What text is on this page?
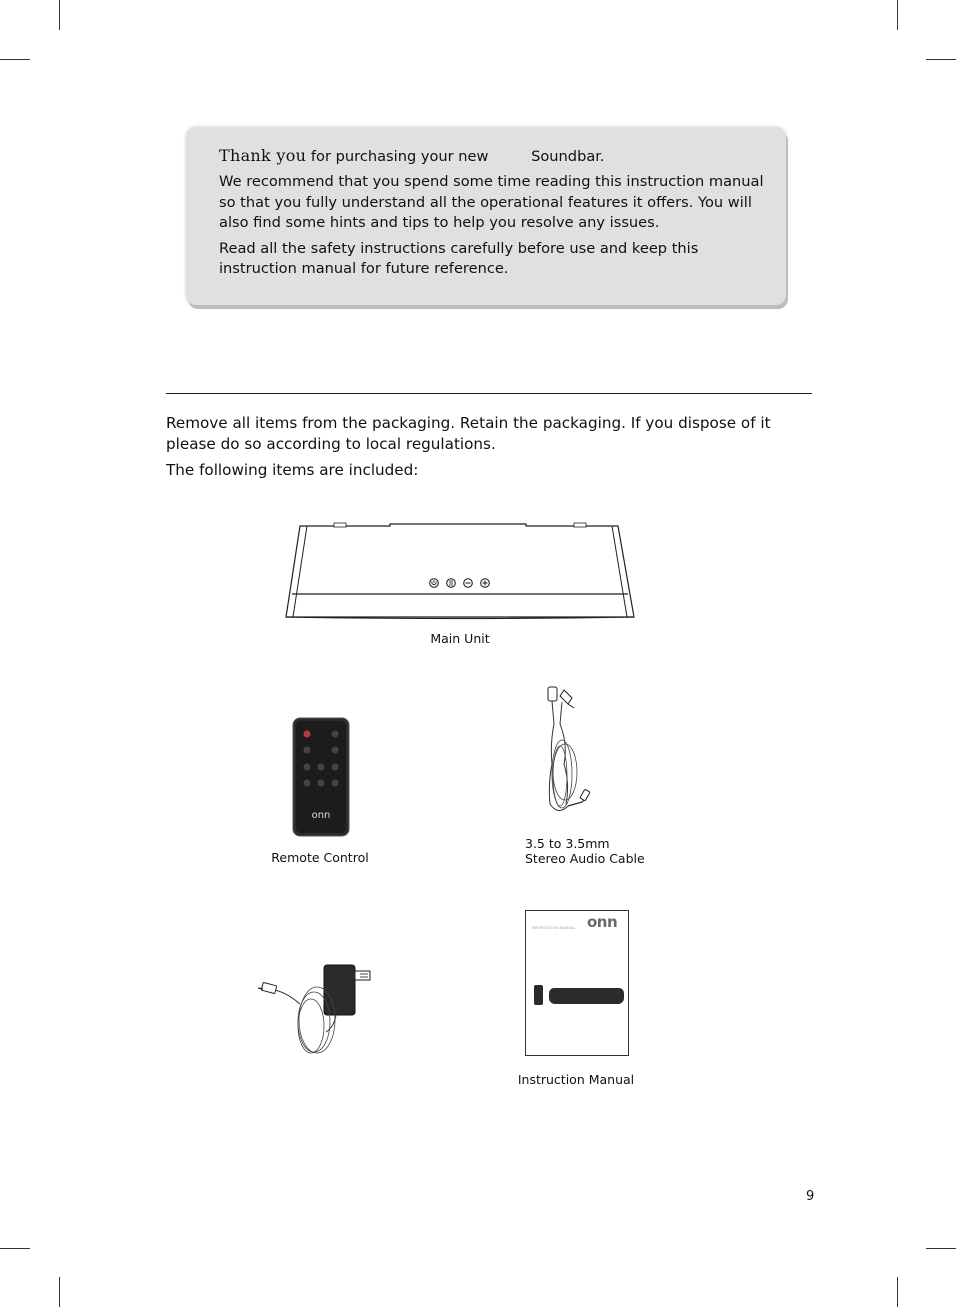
Thank you for purchasing your new	Soundbar.

We recommend that you spend some time reading this instruction manual so that you fully understand all the operational features it offers. You will also find some hints and tips to help you resolve any issues.

Read all the safety instructions carefully before use and keep this instruction manual for future reference.

Remove all items from the packaging. Retain the packaging. If you dispose of it please do so according to local regulations.

The following items are included:

Main Unit
onn
Remote Control
3.5 to 3.5mm
Stereo Audio Cable
INSTRUCTION MANUAL onn
Instruction Manual
9
